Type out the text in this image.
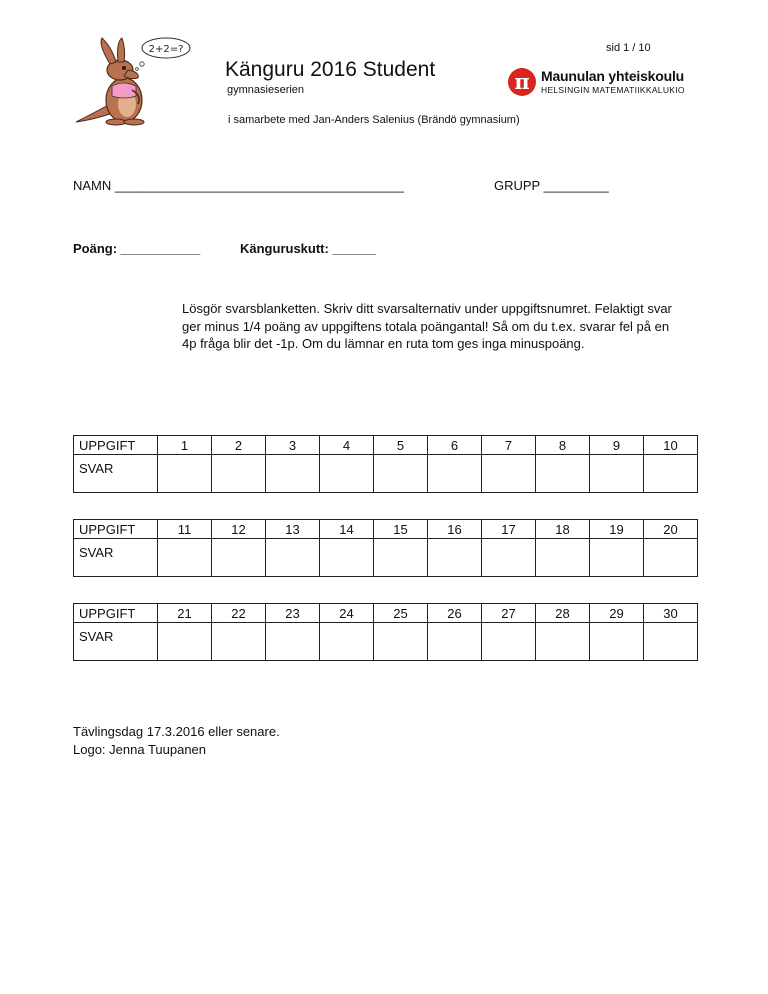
sid 1 / 10
2+2=?
Känguru 2016 Student
gymnasieserien	π Maunulan yhteiskoulu
HELSINGIN MATEMATIIKKALUKIO
i samarbete med Jan-Anders Salenius (Brändö gymnasium)
NAMN ________________________________________	GRUPP _________
Poäng: ___________	Känguruskutt: ______
Lösgör svarsblanketten. Skriv ditt svarsalternativ under uppgiftsnumret. Felaktigt svar ger minus 1/4 poäng av uppgiftens totala poängantal! Så om du t.ex. svarar fel på en 4p fråga blir det -1p. Om du lämnar en ruta tom ges inga minuspoäng.
UPPGIFT	1	2	3	4	5	6	7	8	9	10
SVAR										
UPPGIFT	11	12	13	14	15	16	17	18	19	20
SVAR										
UPPGIFT	21	22	23	24	25	26	27	28	29	30
SVAR										
Tävlingsdag 17.3.2016 eller senare.
Logo: Jenna Tuupanen
